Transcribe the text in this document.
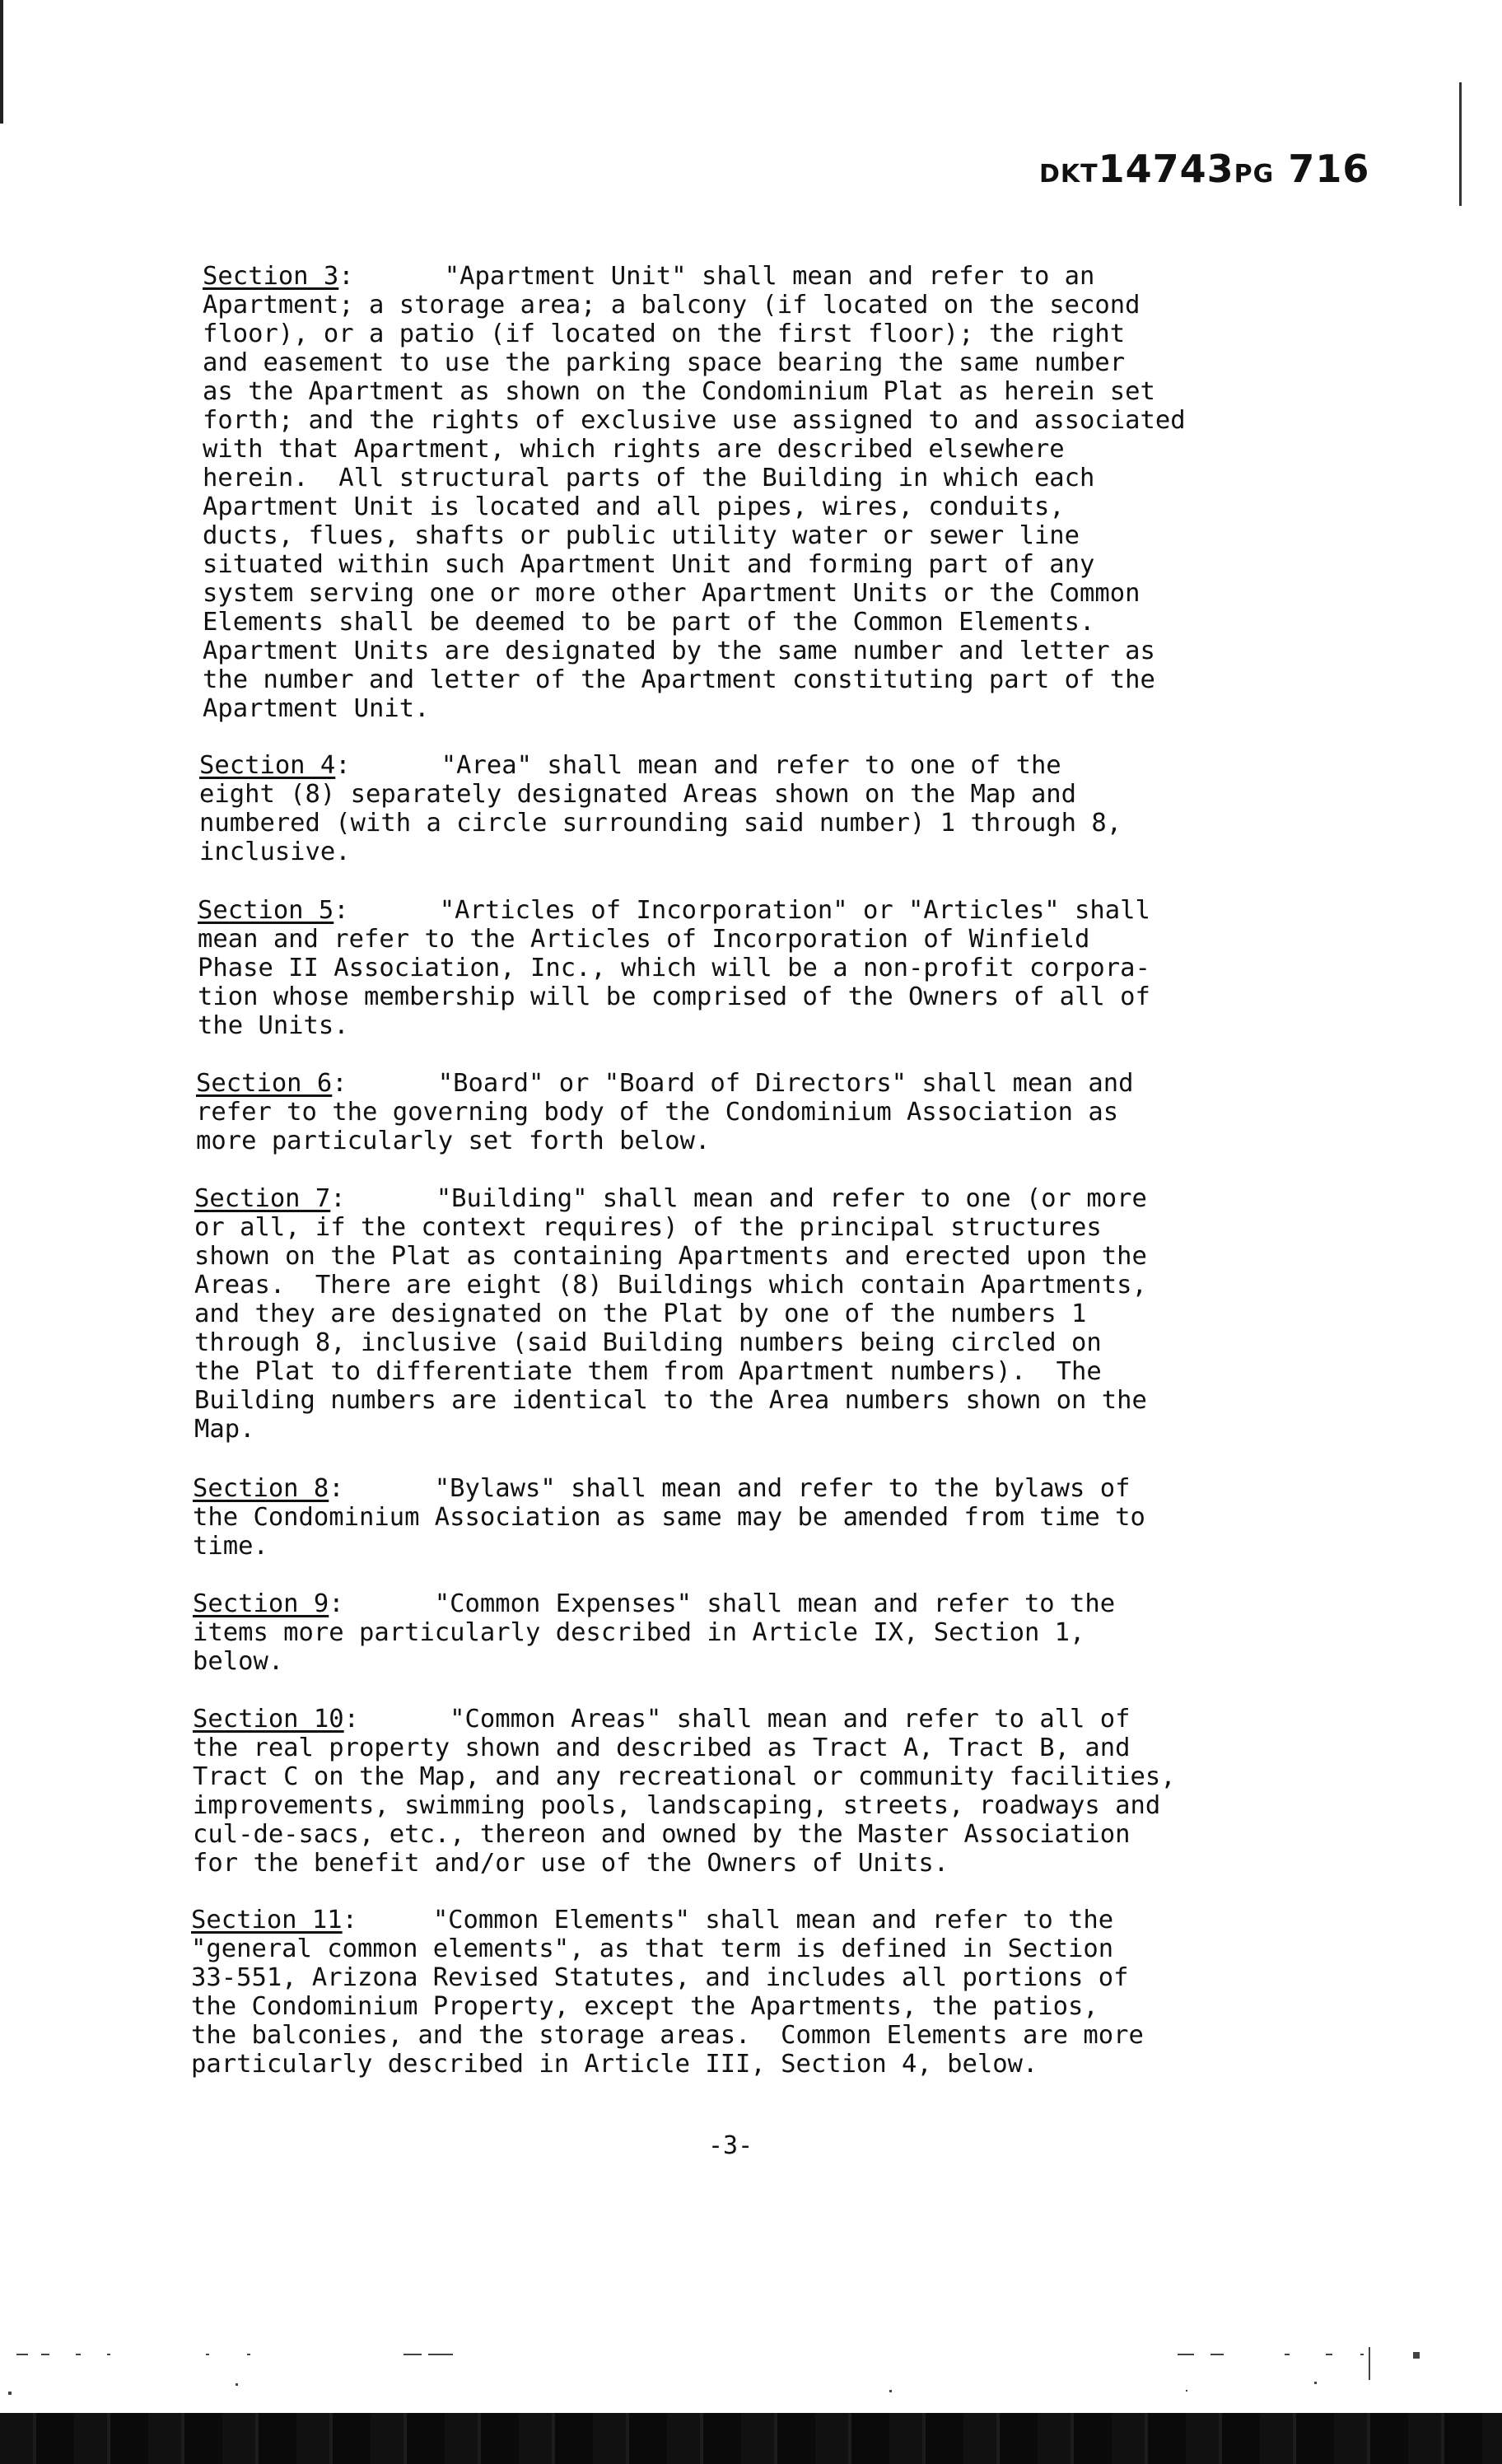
DKT14743PG 716

Section 3:      "Apartment Unit" shall mean and refer to an
Apartment; a storage area; a balcony (if located on the second
floor), or a patio (if located on the first floor); the right
and easement to use the parking space bearing the same number
as the Apartment as shown on the Condominium Plat as herein set
forth; and the rights of exclusive use assigned to and associated
with that Apartment, which rights are described elsewhere
herein.  All structural parts of the Building in which each
Apartment Unit is located and all pipes, wires, conduits,
ducts, flues, shafts or public utility water or sewer line
situated within such Apartment Unit and forming part of any
system serving one or more other Apartment Units or the Common
Elements shall be deemed to be part of the Common Elements.
Apartment Units are designated by the same number and letter as
the number and letter of the Apartment constituting part of the
Apartment Unit.

Section 4:      "Area" shall mean and refer to one of the
eight (8) separately designated Areas shown on the Map and
numbered (with a circle surrounding said number) 1 through 8,
inclusive.

Section 5:      "Articles of Incorporation" or "Articles" shall
mean and refer to the Articles of Incorporation of Winfield
Phase II Association, Inc., which will be a non-profit corpora-
tion whose membership will be comprised of the Owners of all of
the Units.

Section 6:      "Board" or "Board of Directors" shall mean and
refer to the governing body of the Condominium Association as
more particularly set forth below.

Section 7:      "Building" shall mean and refer to one (or more
or all, if the context requires) of the principal structures
shown on the Plat as containing Apartments and erected upon the
Areas.  There are eight (8) Buildings which contain Apartments,
and they are designated on the Plat by one of the numbers 1
through 8, inclusive (said Building numbers being circled on
the Plat to differentiate them from Apartment numbers).  The
Building numbers are identical to the Area numbers shown on the
Map.

Section 8:      "Bylaws" shall mean and refer to the bylaws of
the Condominium Association as same may be amended from time to
time.

Section 9:      "Common Expenses" shall mean and refer to the
items more particularly described in Article IX, Section 1,
below.

Section 10:      "Common Areas" shall mean and refer to all of
the real property shown and described as Tract A, Tract B, and
Tract C on the Map, and any recreational or community facilities,
improvements, swimming pools, landscaping, streets, roadways and
cul-de-sacs, etc., thereon and owned by the Master Association
for the benefit and/or use of the Owners of Units.

Section 11:     "Common Elements" shall mean and refer to the
"general common elements", as that term is defined in Section
33-551, Arizona Revised Statutes, and includes all portions of
the Condominium Property, except the Apartments, the patios,
the balconies, and the storage areas.  Common Elements are more
particularly described in Article III, Section 4, below.

-3-
